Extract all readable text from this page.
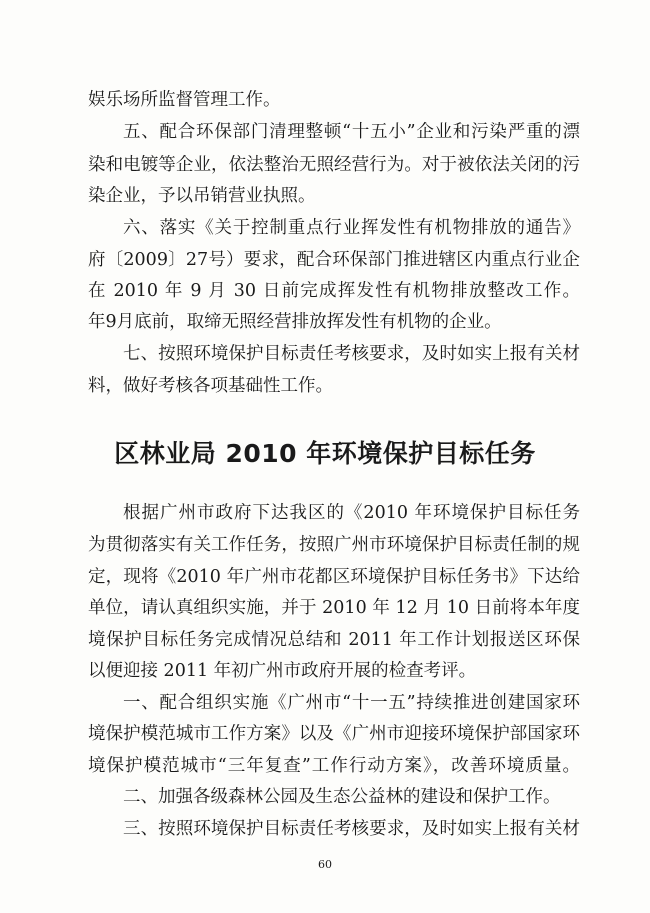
娱乐场所监督管理工作。
五、配合环保部门清理整顿“十五小”企业和污染严重的漂
染和电镀等企业，依法整治无照经营行为。对于被依法关闭的污
染企业，予以吊销营业执照。
六、落实《关于控制重点行业挥发性有机物排放的通告》
府〔2009〕27号）要求，配合环保部门推进辖区内重点行业企
在 2010 年 9 月 30 日前完成挥发性有机物排放整改工作。
年9月底前，取缔无照经营排放挥发性有机物的企业。
七、按照环境保护目标责任考核要求，及时如实上报有关材
料，做好考核各项基础性工作。
区林业局 2010 年环境保护目标任务
根据广州市政府下达我区的《2010 年环境保护目标任务
为贯彻落实有关工作任务，按照广州市环境保护目标责任制的规
定，现将《2010 年广州市花都区环境保护目标任务书》下达给
单位，请认真组织实施，并于 2010 年 12 月 10 日前将本年度
境保护目标任务完成情况总结和 2011 年工作计划报送区环保
以便迎接 2011 年初广州市政府开展的检查考评。
一、配合组织实施《广州市“十一五”持续推进创建国家环
境保护模范城市工作方案》以及《广州市迎接环境保护部国家环
境保护模范城市“三年复查”工作行动方案》，改善环境质量。
二、加强各级森林公园及生态公益林的建设和保护工作。
三、按照环境保护目标责任考核要求，及时如实上报有关材
60
